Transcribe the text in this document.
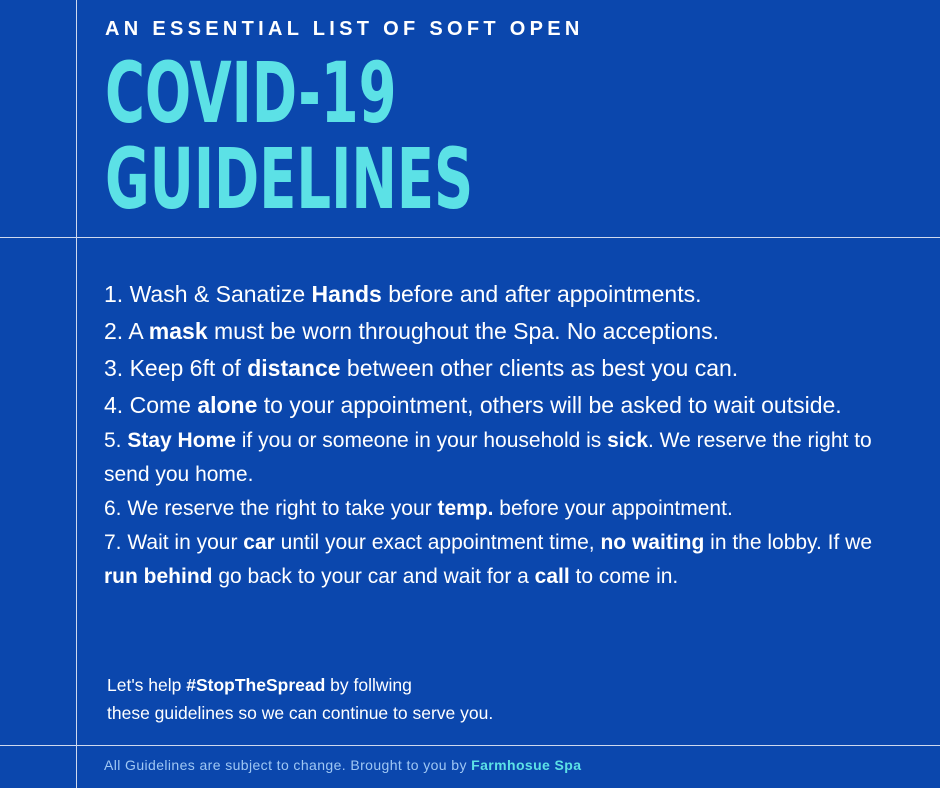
AN ESSENTIAL LIST OF SOFT OPEN
COVID-19
GUIDELINES

1. Wash & Sanatize Hands before and after appointments.

2. A mask must be worn throughout the Spa. No acceptions.

3. Keep 6ft of distance between other clients as best you can.

4. Come alone to your appointment, others will be asked to wait outside.

5. Stay Home if you or someone in your household is sick. We reserve the right to send you home.

6. We reserve the right to take your temp. before your appointment.

7. Wait in your car until your exact appointment time, no waiting in the lobby. If we run behind go back to your car and wait for a call to come in.

Let's help #StopTheSpread by follwing
these guidelines so we can continue to serve you.
All Guidelines are subject to change. Brought to you by Farmhosue Spa
